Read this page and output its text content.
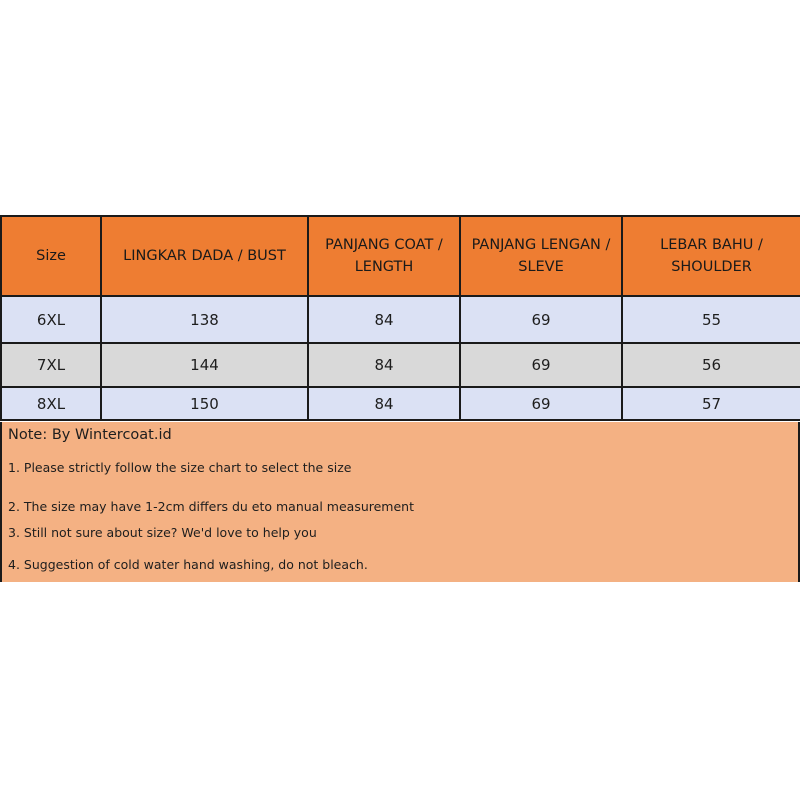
Size	LINGKAR DADA / BUST	PANJANG COAT / LENGTH	PANJANG LENGAN / SLEVE	LEBAR BAHU / SHOULDER
6XL	138	84	69	55
7XL	144	84	69	56
8XL	150	84	69	57
Note: By Wintercoat.id
1. Please strictly follow the size chart to select the size
2. The size may have 1-2cm differs du eto manual measurement
3. Still not sure about size? We'd love to help you
4. Suggestion of cold water hand washing, do not bleach.
